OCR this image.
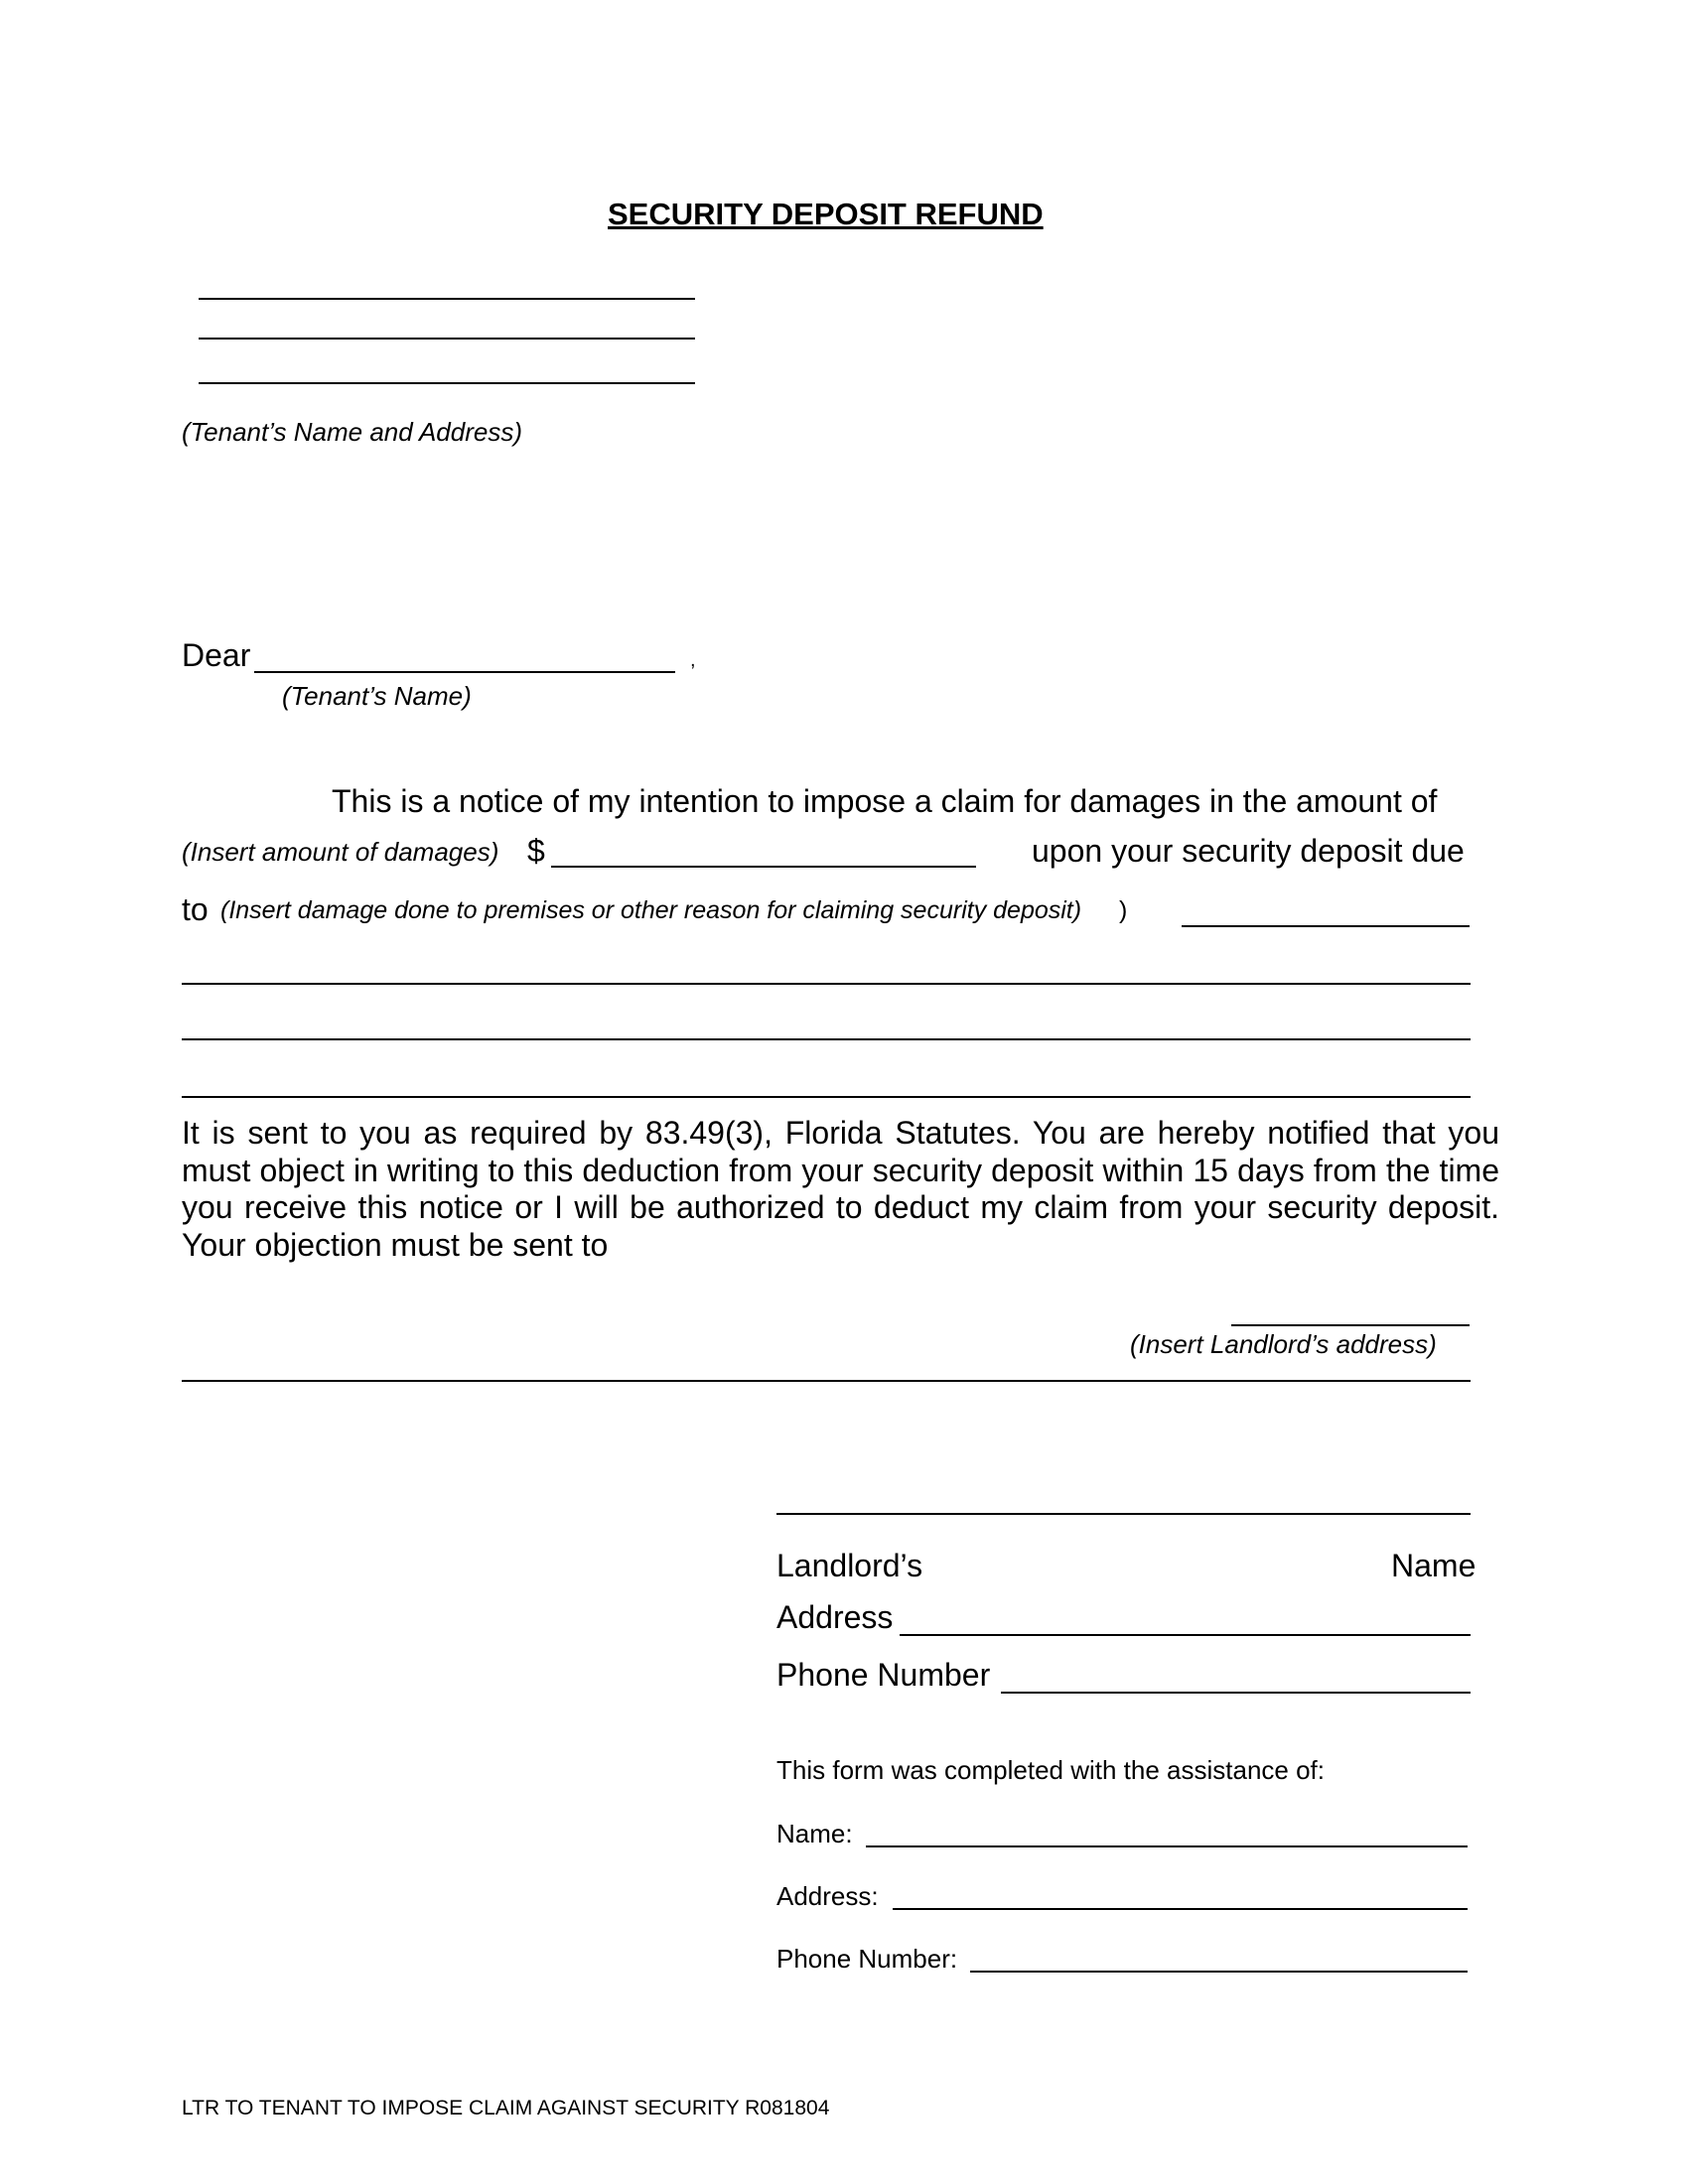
SECURITY DEPOSIT REFUND
(Tenant’s Name and Address)
Dear	,
(Tenant’s Name)
This is a notice of my intention to impose a claim for damages in the amount of
(Insert amount of damages) $	upon your security deposit due
to (Insert damage done to premises or other reason for claiming security deposit) )
It is sent to you as required by 83.49(3), Florida Statutes. You are hereby notified that you must object in writing to this deduction from your security deposit within 15 days from the time you receive this notice or I will be authorized to deduct my claim from your security deposit. Your objection must be sent to
(Insert Landlord’s address)
Landlord’s	Name
Address
Phone Number
This form was completed with the assistance of:
Name:
Address:
Phone Number:
LTR TO TENANT TO IMPOSE CLAIM AGAINST SECURITY R081804
